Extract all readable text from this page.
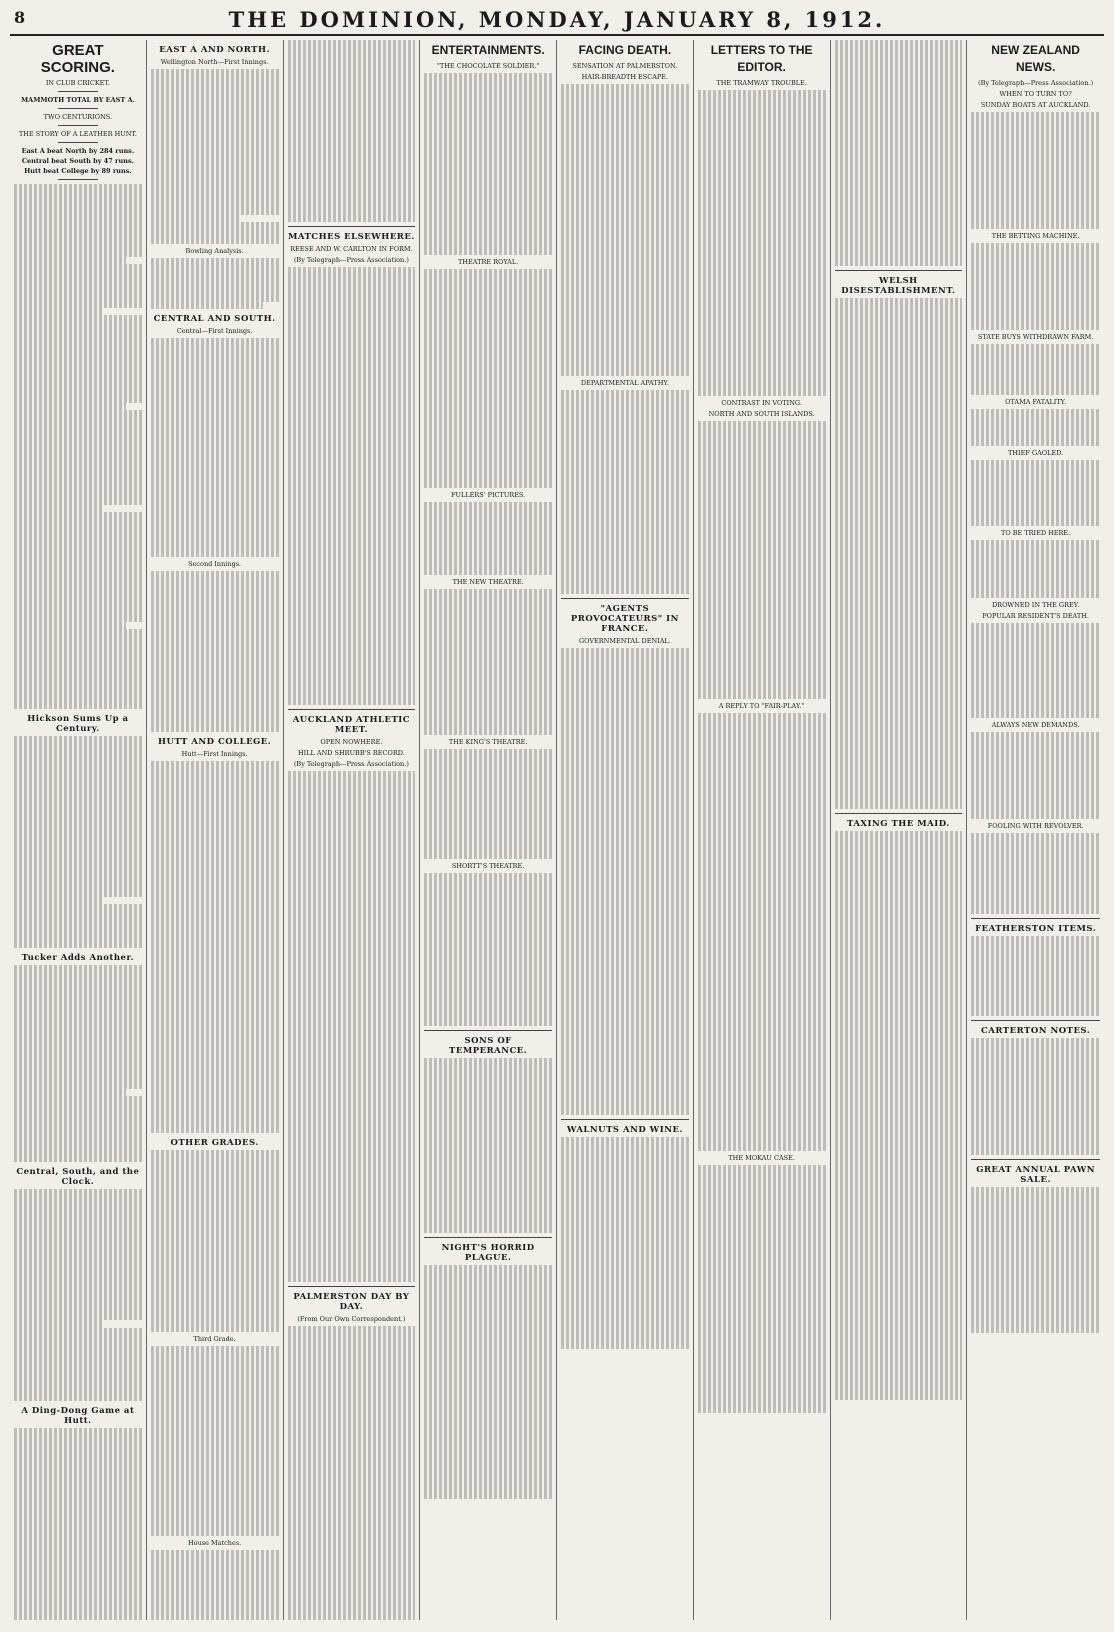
8	THE DOMINION, MONDAY, JANUARY 8, 1912.
GREAT SCORING.
IN CLUB CRICKET.
MAMMOTH TOTAL BY EAST A.
TWO CENTURIONS.
THE STORY OF A LEATHER HUNT.
East A beat North by 284 runs.
Central beat South by 47 runs.
Hutt beat College by 89 runs.
Hickson Sums Up a Century.
Tucker Adds Another.
Central, South, and the Clock.
A Ding-Dong Game at Hutt.
EAST A AND NORTH.
Wellington North—First Innings.
Bowling Analysis.
CENTRAL AND SOUTH.
Central—First Innings.
Second Innings.
HUTT AND COLLEGE.
Hutt—First Innings.
OTHER GRADES.
Third Grade.
House Matches.
MATCHES ELSEWHERE.
REESE AND W. CARLTON IN FORM.
(By Telegraph—Press Association.)
AUCKLAND ATHLETIC MEET.
OPEN NOWHERE.
HILL AND SHRUBB'S RECORD.
(By Telegraph—Press Association.)
PALMERSTON DAY BY DAY.
(From Our Own Correspondent.)
ENTERTAINMENTS.
"THE CHOCOLATE SOLDIER."
THEATRE ROYAL.
FULLERS' PICTURES.
THE NEW THEATRE.
THE KING'S THEATRE.
SHORTT'S THEATRE.
SONS OF TEMPERANCE.
NIGHT'S HORRID PLAGUE.
FACING DEATH.
SENSATION AT PALMERSTON.
HAIR-BREADTH ESCAPE.
DEPARTMENTAL APATHY.
"AGENTS PROVOCATEURS" IN FRANCE.
GOVERNMENTAL DENIAL.
WALNUTS AND WINE.
LETTERS TO THE EDITOR.
THE TRAMWAY TROUBLE.
CONTRAST IN VOTING.
NORTH AND SOUTH ISLANDS.
A REPLY TO "FAIR-PLAY."
THE MOKAU CASE.
WELSH DISESTABLISHMENT.
TAXING THE MAID.
NEW ZEALAND NEWS.
(By Telegraph—Press Association.)
WHEN TO TURN TO?
SUNDAY BOATS AT AUCKLAND.
THE BETTING MACHINE.
STATE BUYS WITHDRAWN FARM.
OTAMA FATALITY.
THIEF GAOLED.
TO BE TRIED HERE.
DROWNED IN THE GREY.
POPULAR RESIDENT'S DEATH.
ALWAYS NEW DEMANDS.
FOOLING WITH REVOLVER.
FEATHERSTON ITEMS.
CARTERTON NOTES.
GREAT ANNUAL PAWN SALE.
